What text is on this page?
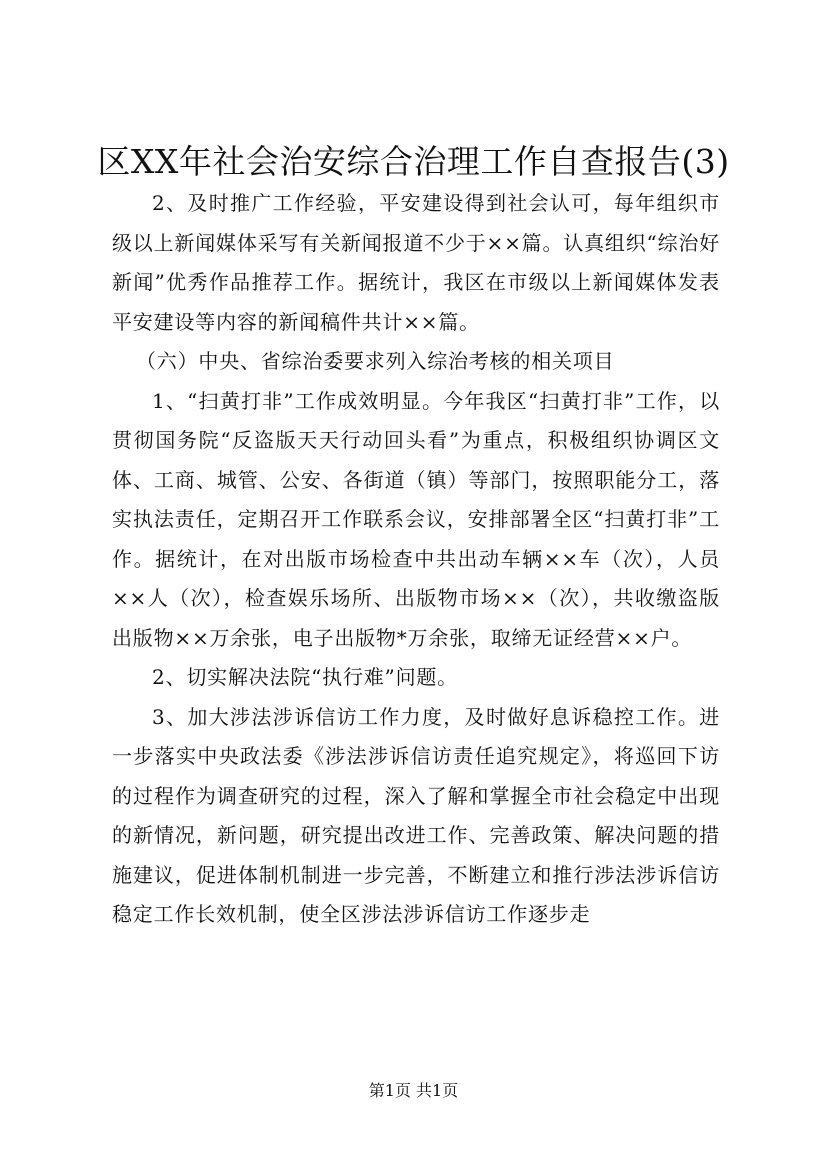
区XX年社会治安综合治理工作自查报告(3)

2、及时推广工作经验，平安建设得到社会认可，每年组织市级以上新闻媒体采写有关新闻报道不少于××篇。认真组织“综治好新闻”优秀作品推荐工作。据统计，我区在市级以上新闻媒体发表平安建设等内容的新闻稿件共计××篇。

（六）中央、省综治委要求列入综治考核的相关项目

1、“扫黄打非”工作成效明显。今年我区“扫黄打非”工作，以贯彻国务院“反盗版天天行动回头看”为重点，积极组织协调区文体、工商、城管、公安、各街道（镇）等部门，按照职能分工，落实执法责任，定期召开工作联系会议，安排部署全区“扫黄打非”工作。据统计，在对出版市场检查中共出动车辆××车（次），人员××人（次），检查娱乐场所、出版物市场××（次），共收缴盗版出版物××万余张，电子出版物*万余张，取缔无证经营××户。

2、切实解决法院“执行难”问题。

3、加大涉法涉诉信访工作力度，及时做好息诉稳控工作。进一步落实中央政法委《涉法涉诉信访责任追究规定》，将巡回下访的过程作为调查研究的过程，深入了解和掌握全市社会稳定中出现的新情况，新问题，研究提出改进工作、完善政策、解决问题的措施建议，促进体制机制进一步完善，不断建立和推行涉法涉诉信访稳定工作长效机制，使全区涉法涉诉信访工作逐步走

第1页 共1页
